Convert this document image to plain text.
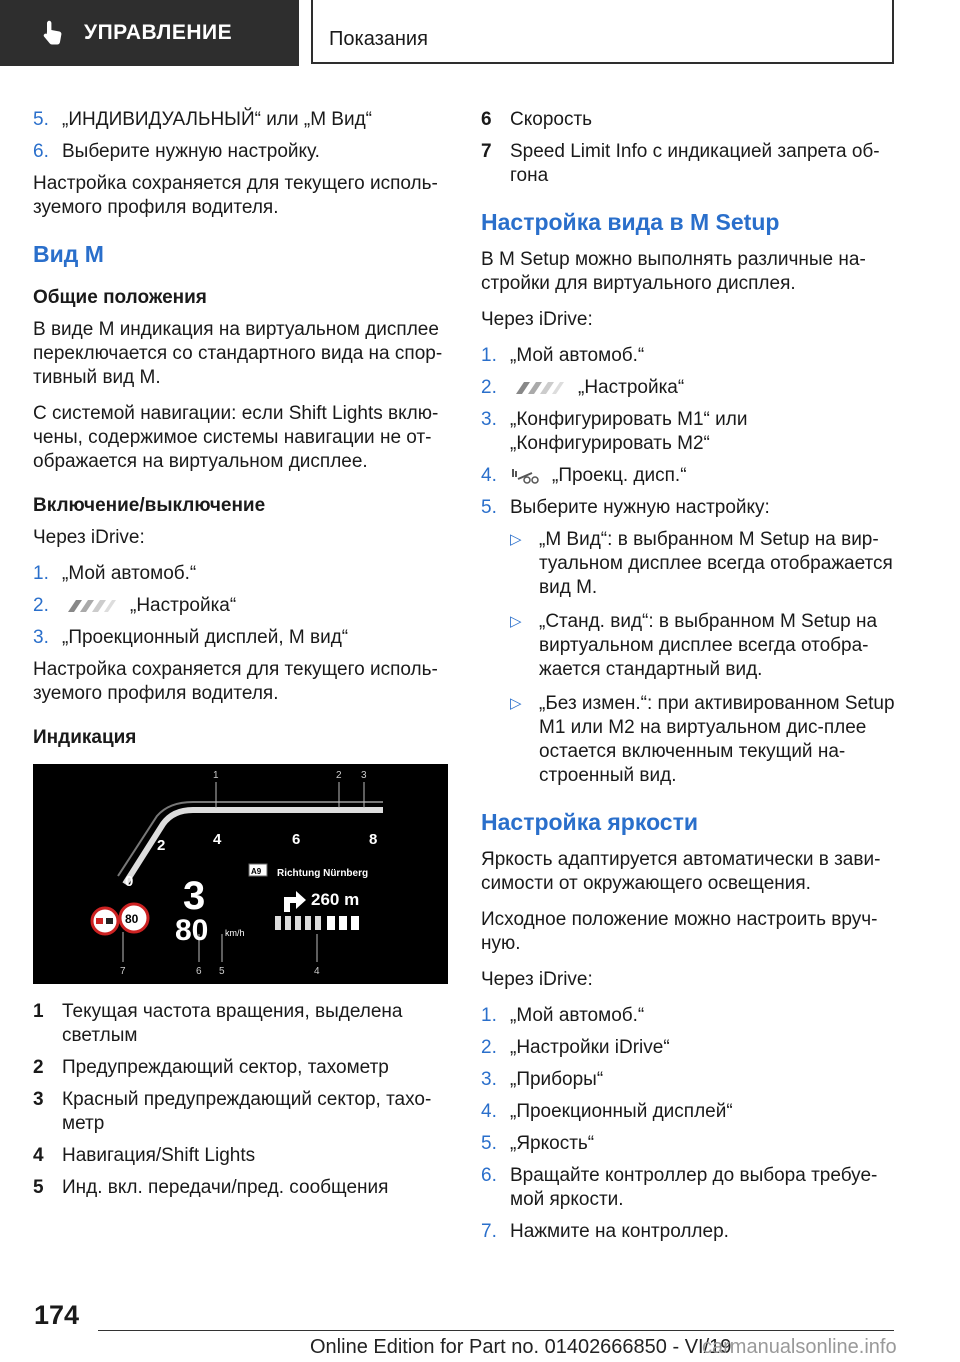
УПРАВЛЕНИЕ	Показания
5. „ИНДИВИДУАЛЬНЫЙ“ или „M Вид“
6. Выберите нужную настройку.

Настройка сохраняется для текущего исполь-зуемого профиля водителя.

Вид M
Общие положения

В виде M индикация на виртуальном дисплее переключается со стандартного вида на спор-тивный вид M.

С системой навигации: если Shift Lights вклю-чены, содержимое системы навигации не от-ображается на виртуальном дисплее.

Включение/выключение

Через iDrive:

1. „Мой автомоб.“
2.	„Настройка“
3. „Проекционный дисплей, M вид“

Настройка сохраняется для текущего исполь-зуемого профиля водителя.

Индикация
1	2 3
4
5
6
7
0
2	4	6	8
3
80 km/h
80
A9 Richtung Nürnberg
260 m
1 Текущая частота вращения, выделена светлым
2 Предупреждающий сектор, тахометр
3 Красный предупреждающий сектор, тахо-метр
4 Навигация/Shift Lights
5 Инд. вкл. передачи/пред. сообщения
6 Скорость
7 Speed Limit Info с индикацией запрета об-гона
Настройка вида в M Setup

В M Setup можно выполнять различные на-стройки для виртуального дисплея.

Через iDrive:

1. „Мой автомоб.“
2.	„Настройка“
3. „Конфигурировать M1“ или „Конфигурировать M2“
4.	„Проекц. дисп.“
5. Выберите нужную настройку:
▷ „M Вид“: в выбранном M Setup на вир-туальном дисплее всегда отображается вид M.
▷ „Станд. вид“: в выбранном M Setup на виртуальном дисплее всегда отобра-жается стандартный вид.
▷ „Без измен.“: при активированном Setup M1 или M2 на виртуальном дис-плее остается включенным текущий на-строенный вид.
Настройка яркости

Яркость адаптируется автоматически в зави-симости от окружающего освещения.

Исходное положение можно настроить вруч-ную.

Через iDrive:

1. „Мой автомоб.“
2. „Настройки iDrive“
3. „Приборы“
4. „Проекционный дисплей“
5. „Яркость“
6. Вращайте контроллер до выбора требуе-мой яркости.
7. Нажмите на контроллер.
174
Online Edition for Part no. 01402666850 - VI/19
carmanualsonline.info
